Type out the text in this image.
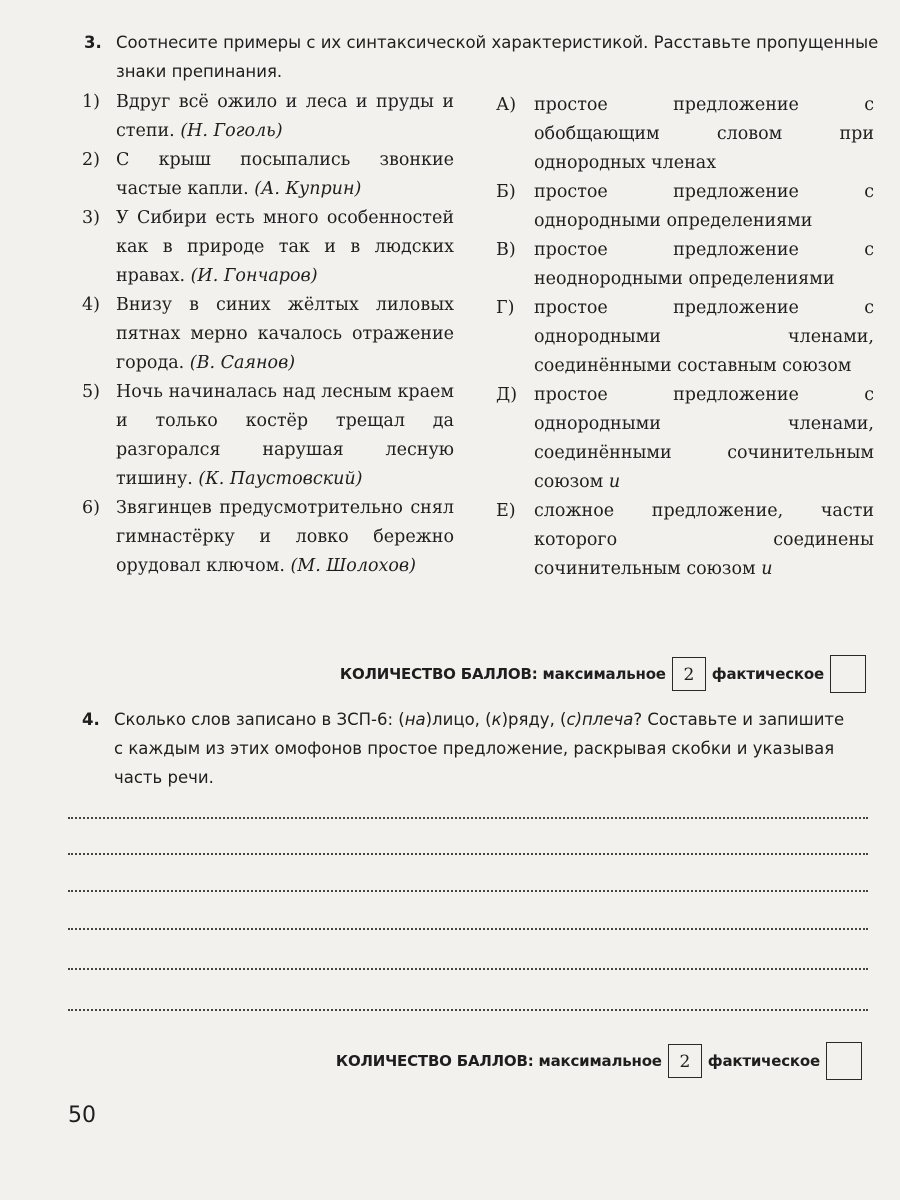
3. Соотнесите примеры с их синтаксической характеристикой. Расставьте пропущенные
знаки препинания.
1) Вдруг всё ожило и леса и пруды и степи. (Н. Гоголь)
2) С крыш посыпались звонкие частые капли. (А. Куприн)
3) У Сибири есть много особенностей как в природе так и в людских нравах. (И. Гончаров)
4) Внизу в синих жёлтых лиловых пятнах мерно качалось отражение города. (В. Саянов)
5) Ночь начиналась над лесным краем и только костёр трещал да разгорался нарушая лесную тишину. (К. Паустовский)
6) Звягинцев предусмотрительно снял гимнастёрку и ловко бережно орудовал ключом. (М. Шолохов)
А) простое предложение с обобщающим словом при однородных членах
Б) простое предложение с однородными определениями
В) простое предложение с неоднородными определениями
Г) простое предложение с однородными членами, соединёнными составным союзом
Д) простое предложение с однородными членами, соединёнными сочинительным союзом и
Е) сложное предложение, части которого соединены сочинительным союзом и
КОЛИЧЕСТВО БАЛЛОВ: максимальное	2	фактическое
4. Сколько слов записано в ЗСП-6: (на)лицо, (к)ряду, (с)плеча? Составьте и запишите
с каждым из этих омофонов простое предложение, раскрывая скобки и указывая
часть речи.
КОЛИЧЕСТВО БАЛЛОВ: максимальное	2	фактическое
50
